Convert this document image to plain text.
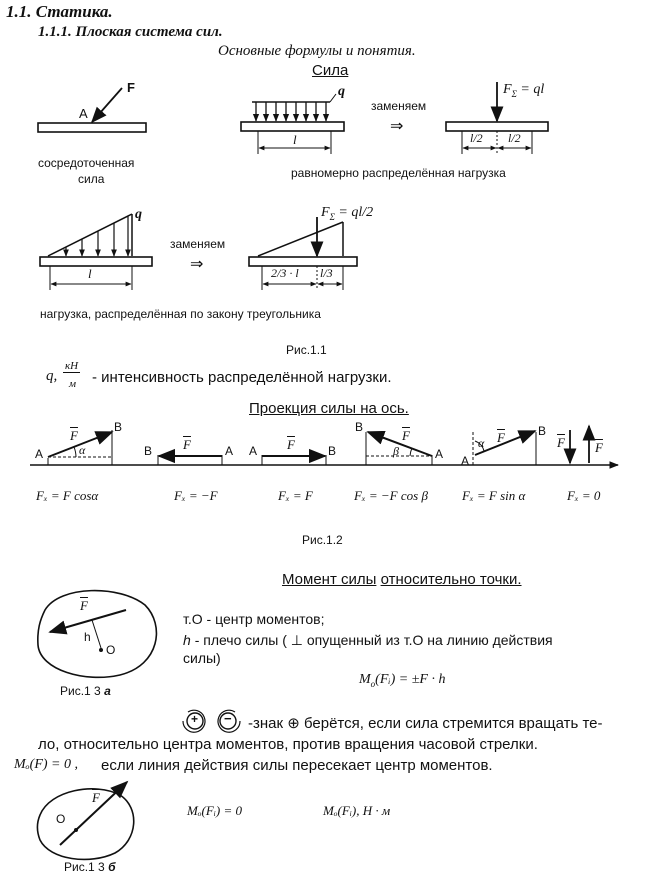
1.1. Статика.
1.1.1. Плоская система сил.
Основные формулы и понятия.
Сила
A
F
сосредоточенная
сила
q
l
заменяем
⇒
$F_\Sigma$ = ql
l/2 l/2
равномерно распределённая нагрузка
q
l
заменяем
⇒
$F_\Sigma = ql/2$
2/3 · l l/3
нагрузка, распределённая по закону треугольника
Рис.1.1
q,
кН
м - интенсивность распределённой нагрузки.
Проекция силы на ось.
A
B
$\overline{F}$
α	B	A
$\overline{F}$	A	B
$\overline{F}$
B
A
$\overline{F}$
β
A
B
$\overline{F}$
α	$\overline{F}$ $\overline{F}$
Fₓ = F cosα	Fₓ = −F	Fₓ = F	Fₓ = −F cos β	Fₓ = F sin α	Fₓ = 0
Рис.1.2
Момент силы относительно точки.
$\overline{F}$
h
O
Рис.1 3 а
т.О - центр моментов;
h - плечо силы ( ⊥ опущенный из т.О на линию действия
силы)
$M_o(Fᵢ) = \pm F \cdot h$
+ − -знак ⊕ берётся, если сила стремится вращать те-
ло, относительно центра моментов, против вращения часовой стрелки.
Mₒ(F) = 0 , если линия действия силы пересекает центр моментов.
$\overline{F}$
O
Mₒ(Fᵢ) = 0	Mₒ(Fᵢ), Н · м
Рис.1 3 б
